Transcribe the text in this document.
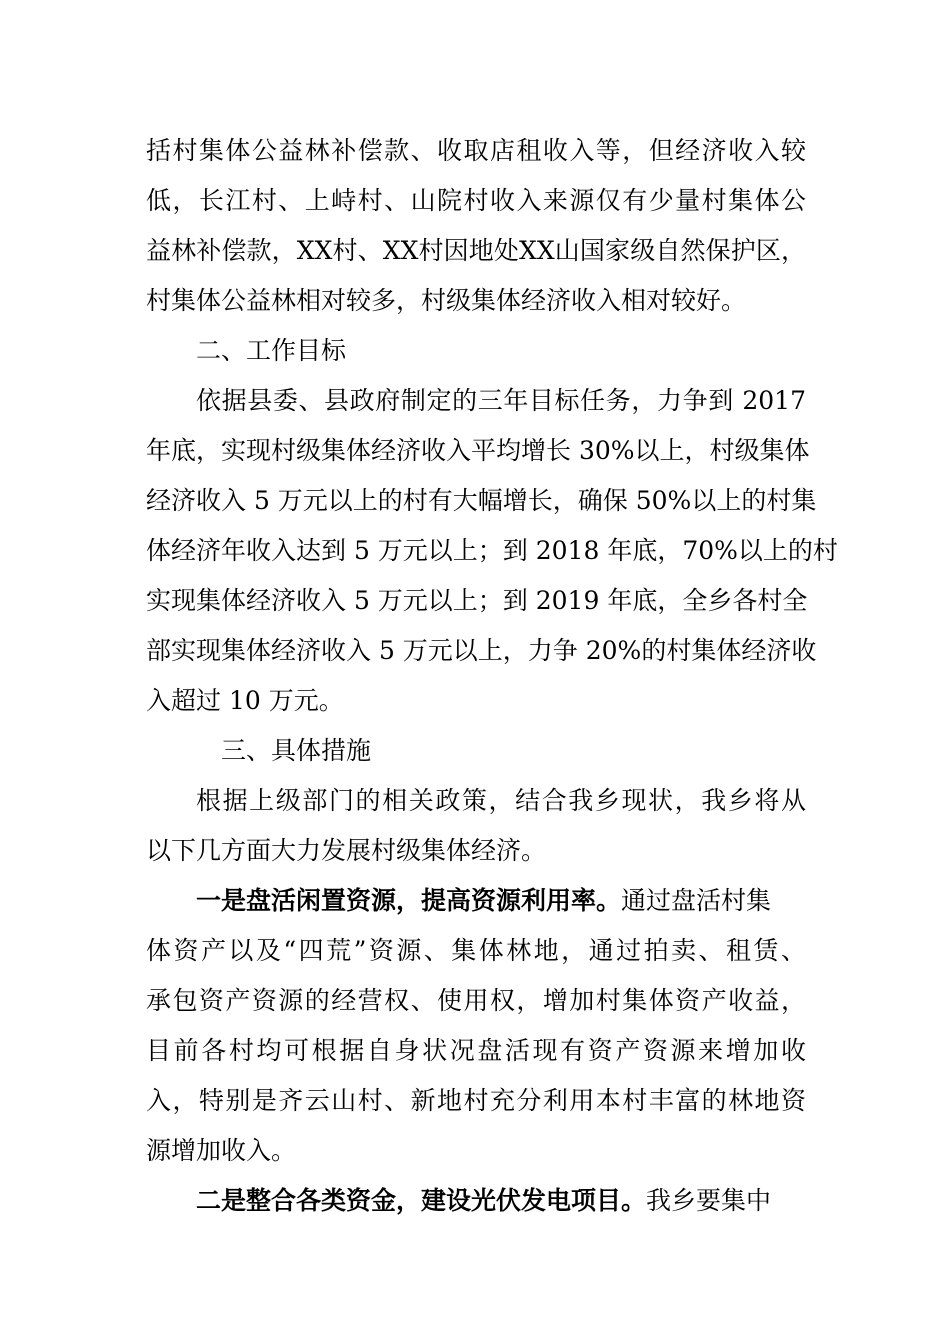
括村集体公益林补偿款、收取店租收入等，但经济收入较
低，长江村、上峙村、山院村收入来源仅有少量村集体公
益林补偿款，XX村、XX村因地处XX山国家级自然保护区，
村集体公益林相对较多，村级集体经济收入相对较好。
二、工作目标
依据县委、县政府制定的三年目标任务，力争到 2017
年底，实现村级集体经济收入平均增长 30%以上，村级集体
经济收入 5 万元以上的村有大幅增长，确保 50%以上的村集
体经济年收入达到 5 万元以上；到 2018 年底，70%以上的村
实现集体经济收入 5 万元以上；到 2019 年底，全乡各村全
部实现集体经济收入 5 万元以上，力争 20%的村集体经济收
入超过 10 万元。
三、具体措施
根据上级部门的相关政策，结合我乡现状，我乡将从
以下几方面大力发展村级集体经济。
一是盘活闲置资源，提高资源利用率。通过盘活村集
体资产以及“四荒”资源、集体林地，通过拍卖、租赁、
承包资产资源的经营权、使用权，增加村集体资产收益，
目前各村均可根据自身状况盘活现有资产资源来增加收
入，特别是齐云山村、新地村充分利用本村丰富的林地资
源增加收入。
二是整合各类资金，建设光伏发电项目。我乡要集中
